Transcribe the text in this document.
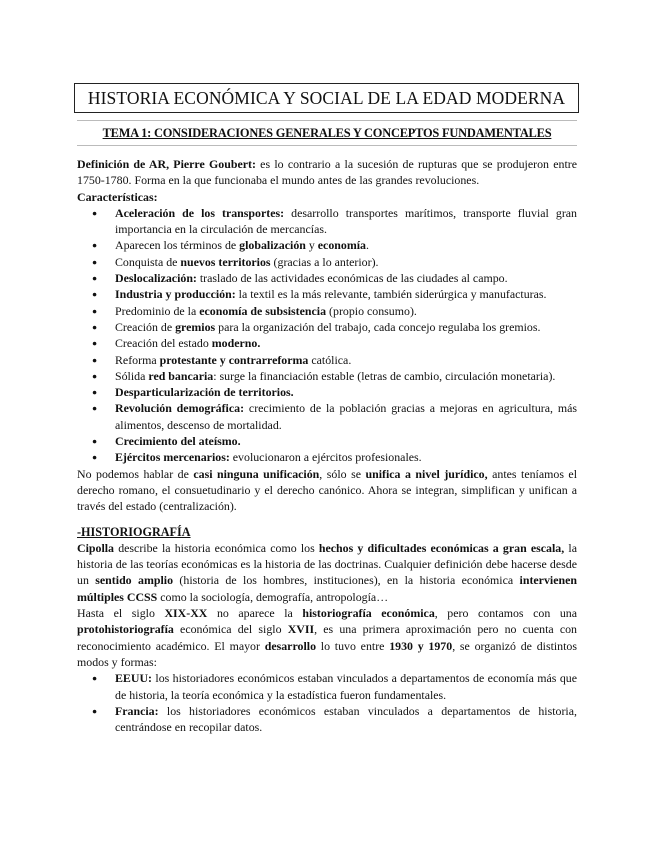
HISTORIA ECONÓMICA Y SOCIAL DE LA EDAD MODERNA
TEMA 1: CONSIDERACIONES GENERALES Y CONCEPTOS FUNDAMENTALES

Definición de AR, Pierre Goubert: es lo contrario a la sucesión de rupturas que se produjeron entre 1750-1780. Forma en la que funcionaba el mundo antes de las grandes revoluciones.

Características:

● Aceleración de los transportes: desarrollo transportes marítimos, transporte fluvial gran importancia en la circulación de mercancías.
● Aparecen los términos de globalización y economía.
● Conquista de nuevos territorios (gracias a lo anterior).
● Deslocalización: traslado de las actividades económicas de las ciudades al campo.
● Industria y producción: la textil es la más relevante, también siderúrgica y manufacturas.
● Predominio de la economía de subsistencia (propio consumo).
● Creación de gremios para la organización del trabajo, cada concejo regulaba los gremios.
● Creación del estado moderno.
● Reforma protestante y contrarreforma católica.
● Sólida red bancaria: surge la financiación estable (letras de cambio, circulación monetaria).
● Desparticularización de territorios.
● Revolución demográfica: crecimiento de la población gracias a mejoras en agricultura, más alimentos, descenso de mortalidad.
● Crecimiento del ateísmo.
● Ejércitos mercenarios: evolucionaron a ejércitos profesionales.

No podemos hablar de casi ninguna unificación, sólo se unifica a nivel jurídico, antes teníamos el derecho romano, el consuetudinario y el derecho canónico. Ahora se integran, simplifican y unifican a través del estado (centralización).

-HISTORIOGRAFÍA

Cipolla describe la historia económica como los hechos y dificultades económicas a gran escala, la historia de las teorías económicas es la historia de las doctrinas. Cualquier definición debe hacerse desde un sentido amplio (historia de los hombres, instituciones), en la historia económica intervienen múltiples CCSS como la sociología, demografía, antropología…

Hasta el siglo XIX-XX no aparece la historiografía económica, pero contamos con una protohistoriografía económica del siglo XVII, es una primera aproximación pero no cuenta con reconocimiento académico. El mayor desarrollo lo tuvo entre 1930 y 1970, se organizó de distintos modos y formas:

● EEUU: los historiadores económicos estaban vinculados a departamentos de economía más que de historia, la teoría económica y la estadística fueron fundamentales.
● Francia: los historiadores económicos estaban vinculados a departamentos de historia, centrándose en recopilar datos.
